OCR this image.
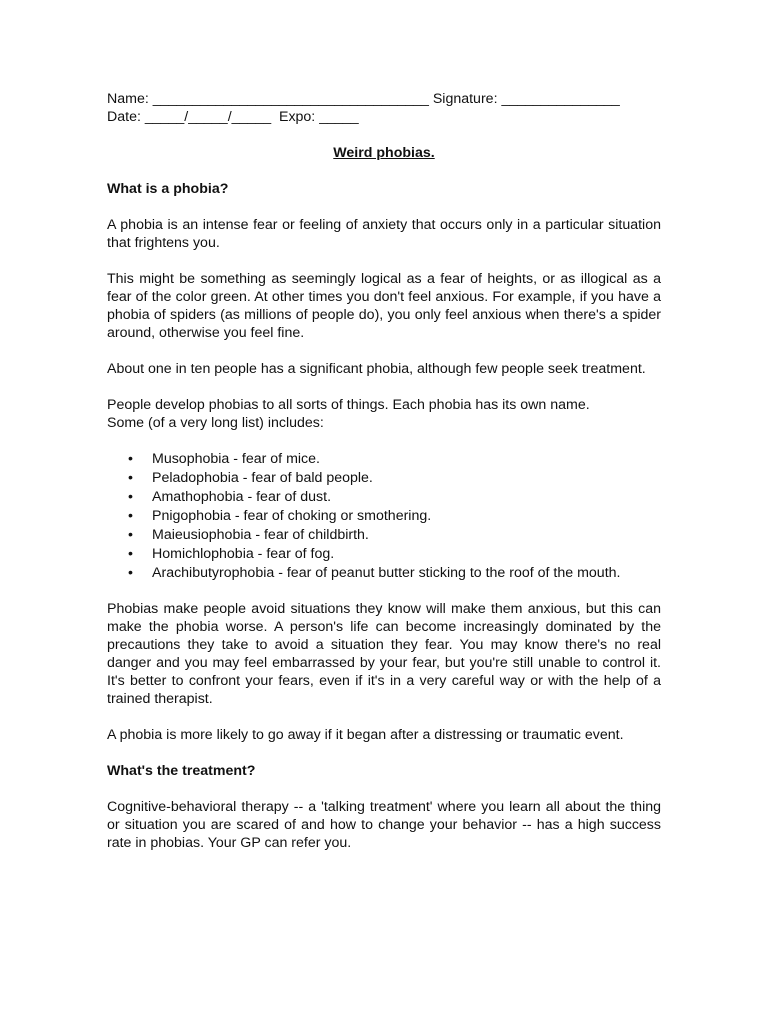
Name: ___________________________________ Signature: _______________

Date: _____/_____/_____  Expo: _____

Weird phobias.

What is a phobia?

A phobia is an intense fear or feeling of anxiety that occurs only in a particular situation that frightens you.

This might be something as seemingly logical as a fear of heights, or as illogical as a fear of the color green. At other times you don't feel anxious. For example, if you have a phobia of spiders (as millions of people do), you only feel anxious when there's a spider around, otherwise you feel fine.

About one in ten people has a significant phobia, although few people seek treatment.

People develop phobias to all sorts of things. Each phobia has its own name.
Some (of a very long list) includes:
• Musophobia - fear of mice.
• Peladophobia - fear of bald people.
• Amathophobia - fear of dust.
• Pnigophobia - fear of choking or smothering.
• Maieusiophobia - fear of childbirth.
• Homichlophobia - fear of fog.
• Arachibutyrophobia - fear of peanut butter sticking to the roof of the mouth.

Phobias make people avoid situations they know will make them anxious, but this can make the phobia worse. A person's life can become increasingly dominated by the precautions they take to avoid a situation they fear. You may know there's no real danger and you may feel embarrassed by your fear, but you're still unable to control it. It's better to confront your fears, even if it's in a very careful way or with the help of a trained therapist.

A phobia is more likely to go away if it began after a distressing or traumatic event.

What's the treatment?

Cognitive-behavioral therapy -- a 'talking treatment' where you learn all about the thing or situation you are scared of and how to change your behavior -- has a high success rate in phobias. Your GP can refer you.
